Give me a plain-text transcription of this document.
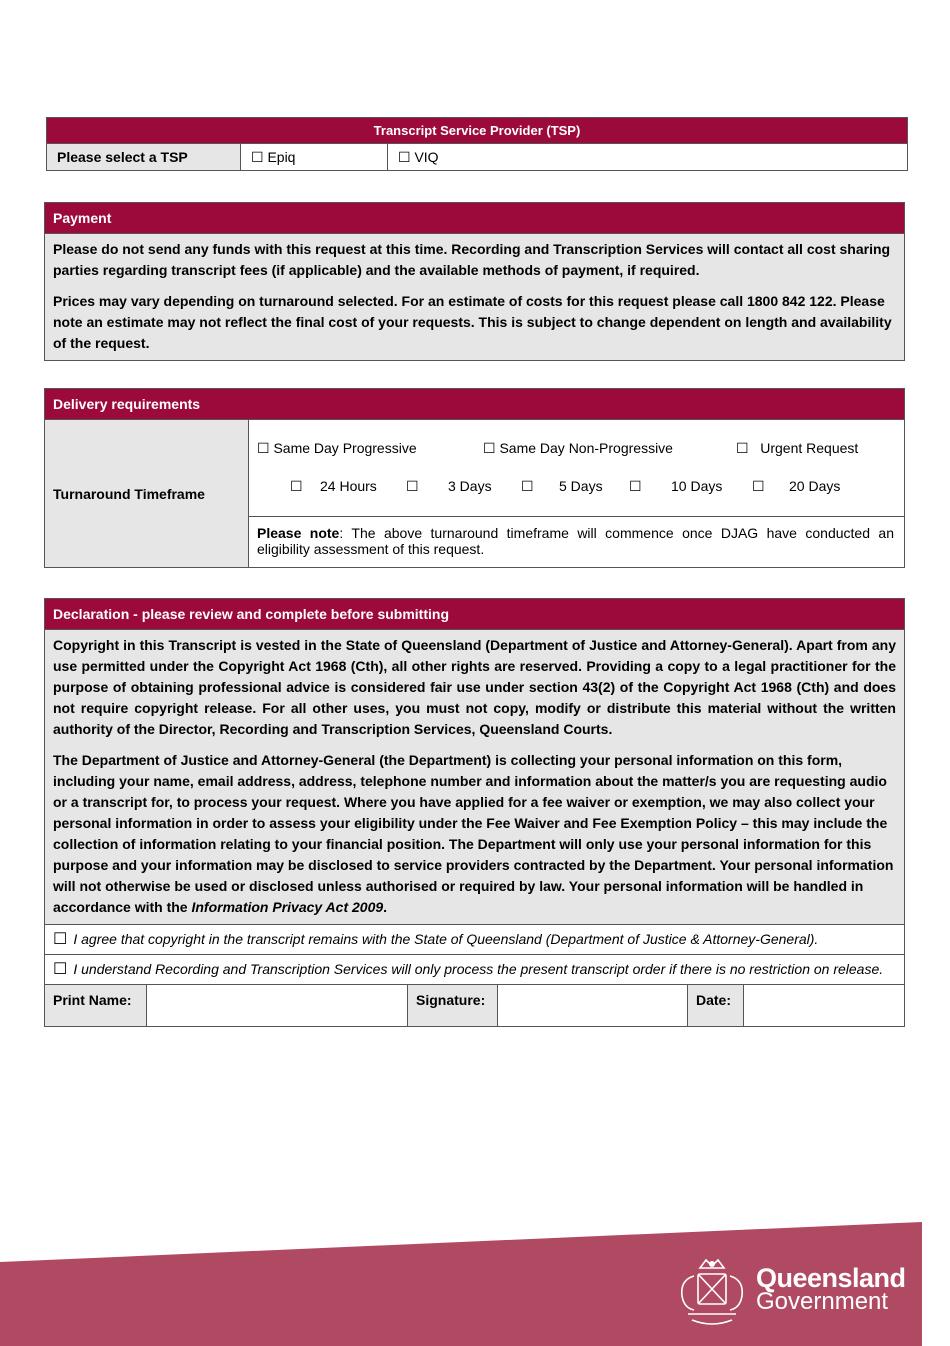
Transcript Service Provider (TSP)
Please select a TSP	☐ Epiq	☐ VIQ
Payment

Please do not send any funds with this request at this time. Recording and Transcription Services will contact all cost sharing parties regarding transcript fees (if applicable) and the available methods of payment, if required.

Prices may vary depending on turnaround selected. For an estimate of costs for this request please call 1800 842 122. Please note an estimate may not reflect the final cost of your requests. This is subject to change dependent on length and availability of the request.

Delivery requirements
Turnaround Timeframe
☐ Same Day Progressive	☐ Same Day Non-Progressive	☐ Urgent Request
☐ 24 Hours ☐ 3 Days ☐ 5 Days ☐ 10 Days ☐ 20 Days
Please note: The above turnaround timeframe will commence once DJAG have conducted an eligibility assessment of this request.
Declaration - please review and complete before submitting

Copyright in this Transcript is vested in the State of Queensland (Department of Justice and Attorney-General). Apart from any use permitted under the Copyright Act 1968 (Cth), all other rights are reserved. Providing a copy to a legal practitioner for the purpose of obtaining professional advice is considered fair use under section 43(2) of the Copyright Act 1968 (Cth) and does not require copyright release. For all other uses, you must not copy, modify or distribute this material without the written authority of the Director, Recording and Transcription Services, Queensland Courts.

The Department of Justice and Attorney-General (the Department) is collecting your personal information on this form, including your name, email address, address, telephone number and information about the matter/s you are requesting audio or a transcript for, to process your request. Where you have applied for a fee waiver or exemption, we may also collect your personal information in order to assess your eligibility under the Fee Waiver and Fee Exemption Policy – this may include the collection of information relating to your financial position. The Department will only use your personal information for this purpose and your information may be disclosed to service providers contracted by the Department. Your personal information will not otherwise be used or disclosed unless authorised or required by law. Your personal information will be handled in accordance with the Information Privacy Act 2009.

☐ I agree that copyright in the transcript remains with the State of Queensland (Department of Justice & Attorney-General).
☐ I understand Recording and Transcription Services will only process the present transcript order if there is no restriction on release.
Print Name:	Signature:	Date:
Queensland
Government
